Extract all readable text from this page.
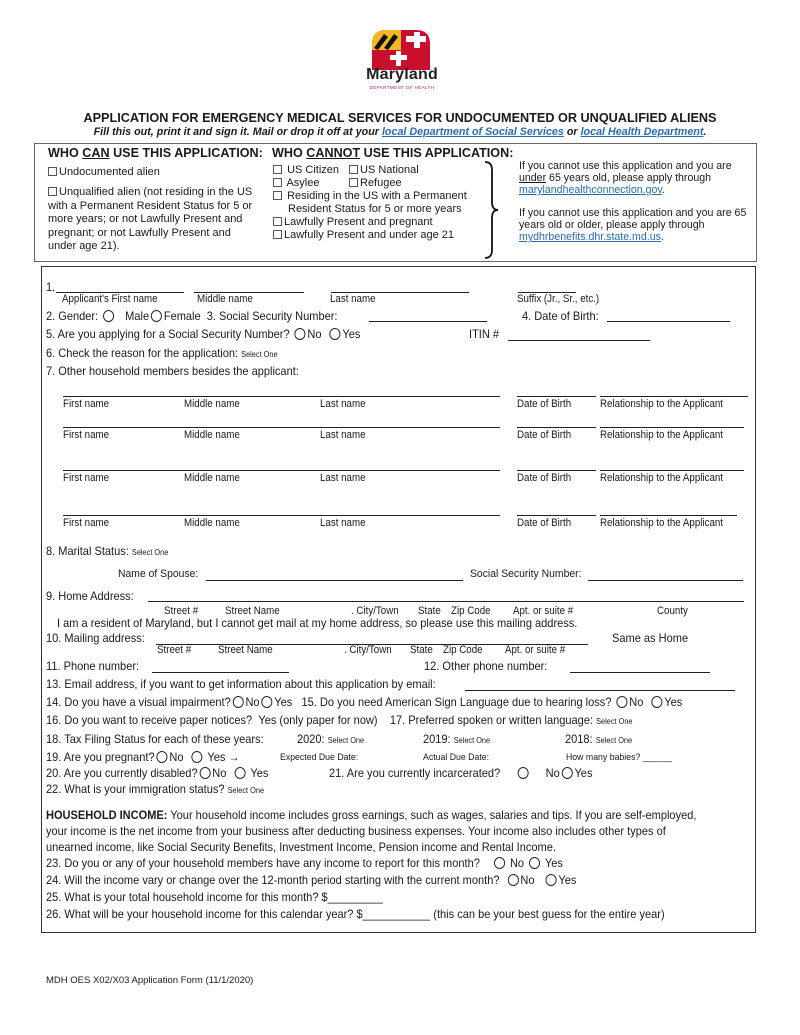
Maryland
DEPARTMENT OF HEALTH
APPLICATION FOR EMERGENCY MEDICAL SERVICES FOR UNDOCUMENTED OR UNQUALIFIED ALIENS
Fill this out, print it and sign it. Mail or drop it off at your local Department of Social Services or local Health Department.
WHO CAN USE THIS APPLICATION:
Undocumented alien
Unqualified alien (not residing in the US with a Permanent Resident Status for 5 or more years; or not Lawfully Present and pregnant; or not Lawfully Present and under age 21).
WHO CANNOT USE THIS APPLICATION:
US Citizen	US National
Asylee	Refugee
Residing in the US with a Permanent
Resident Status for 5 or more years
Lawfully Present and pregnant
Lawfully Present and under age 21
If you cannot use this application and you are under 65 years old, please apply through marylandhealthconnection.gov.
If you cannot use this application and you are 65 years old or older, please apply through mydhrbenefits.dhr.state.md.us.
1.
Applicant's First name	Middle name	Last name	Suffix (Jr., Sr., etc.)
2. Gender: Male Female 3. Social Security Number:	4. Date of Birth:
5. Are you applying for a Social Security Number? No Yes	ITIN #
6. Check the reason for the application: Select One
7. Other household members besides the applicant:
First name	Middle name	Last name	Date of Birth	Relationship to the Applicant
First name	Middle name	Last name	Date of Birth	Relationship to the Applicant
First name	Middle name	Last name	Date of Birth	Relationship to the Applicant
First name	Middle name	Last name	Date of Birth	Relationship to the Applicant
8. Marital Status: Select One
Name of Spouse:	Social Security Number:
9. Home Address:
Street #	Street Name	. City/Town State Zip Code Apt. or suite #	County
I am a resident of Maryland, but I cannot get mail at my home address, so please use this mailing address.
10. Mailing address:	Same as Home
Street #	Street Name	. City/Town State Zip Code Apt. or suite #
11. Phone number:	12. Other phone number:
13. Email address, if you want to get information about this application by email:
14. Do you have a visual impairment? No Yes 15. Do you need American Sign Language due to hearing loss? No Yes
16. Do you want to receive paper notices? Yes (only paper for now) 17. Preferred spoken or written language: Select One
18. Tax Filing Status for each of these years:	2020: Select One	2019: Select One	2018: Select One
19. Are you pregnant? No Yes →	Expected Due Date:	Actual Due Date:	How many babies? ______
20. Are you currently disabled? No Yes	21. Are you currently incarcerated?	No Yes
22. What is your immigration status? Select One
HOUSEHOLD INCOME: Your household income includes gross earnings, such as wages, salaries and tips. If you are self-employed,
your income is the net income from your business after deducting business expenses. Your income also includes other types of
unearned income, like Social Security Benefits, Investment Income, Pension income and Rental Income.
23. Do you or any of your household members have any income to report for this month?	No Yes
24. Will the income vary or change over the 12-month period starting with the current month? No Yes
25. What is your total household income for this month? $_________
26. What will be your household income for this calendar year? $___________ (this can be your best guess for the entire year)
MDH OES X02/X03 Application Form (11/1/2020)
